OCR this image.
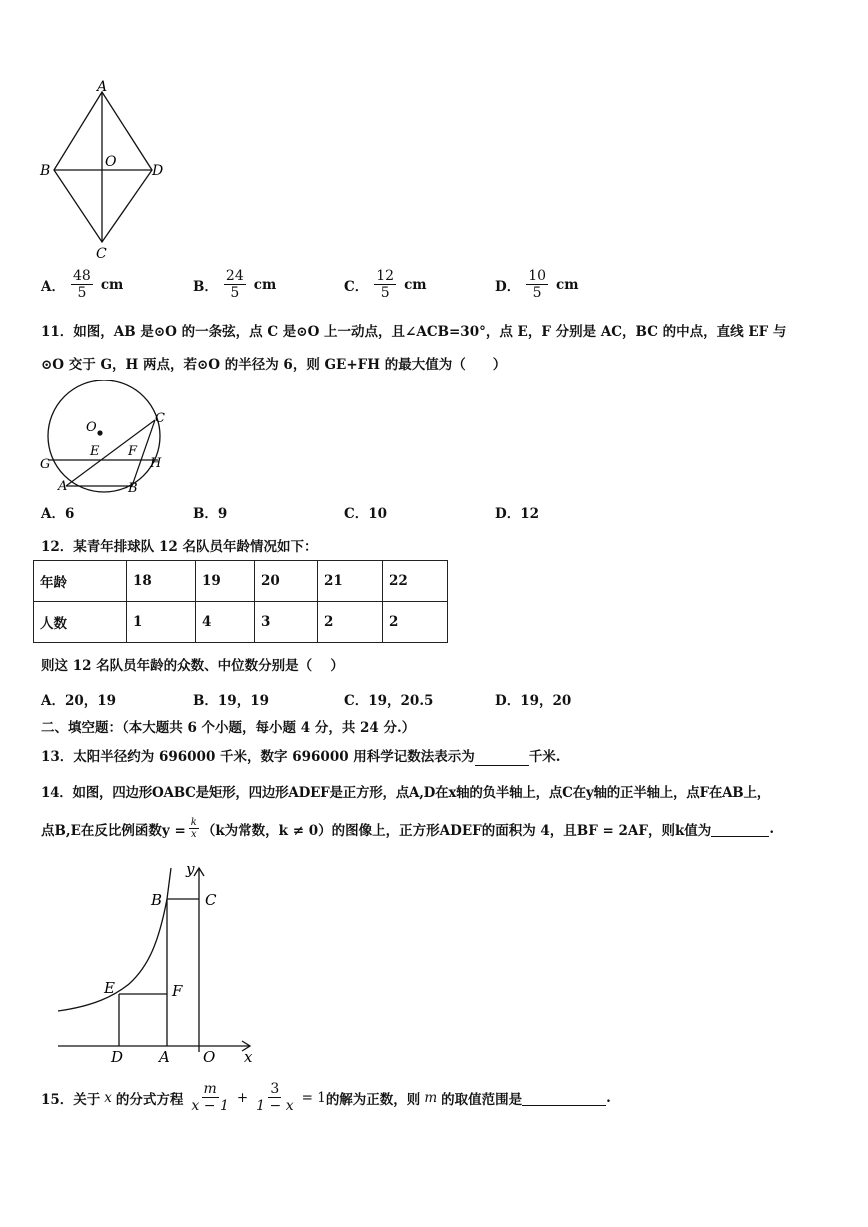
A
B	D
C
O
A． $\frac{48}{5}$ cm	B． $\frac{24}{5}$ cm	C． $\frac{12}{5}$ cm	D． $\frac{10}{5}$ cm
11．如图，AB 是⊙O 的一条弦，点 C 是⊙O 上一动点，且∠ACB=30°，点 E，F 分别是 AC，BC 的中点，直线 EF 与
⊙O 交于 G，H 两点，若⊙O 的半径为 6，则 GE+FH 的最大值为（　　）
O
C
E F
G	H
A	B
A．6	B．9	C．10	D．12
12．某青年排球队 12 名队员年龄情况如下：
年龄	18	19	20	21	22
人数	1	4	3	2	2
则这 12 名队员年龄的众数、中位数分别是（　 ）
A．20，19	B．19，19	C．19，20.5	D．19，20
二、填空题：（本大题共 6 个小题，每小题 4 分，共 24 分.）
13．太阳半径约为 696000 千米，数字 696000 用科学记数法表示为	千米.
14．如图，四边形OABC是矩形，四边形ADEF是正方形，点A,D在x轴的负半轴上，点C在y轴的正半轴上，点F在AB上，
点B,E在反比例函数$y = \frac{k}{x} (k$为常数，k ≠ 0）的图像上，正方形ADEF的面积为 4，且BF = 2AF，则k值为
	.
y
x
B	C
E	F
D A O
15．关于 x 的分式方程 $\frac{m}{x - 1} + \frac{3}{1 - x} = 1$ 的解为正数，则 m 的取值范围是
	.
